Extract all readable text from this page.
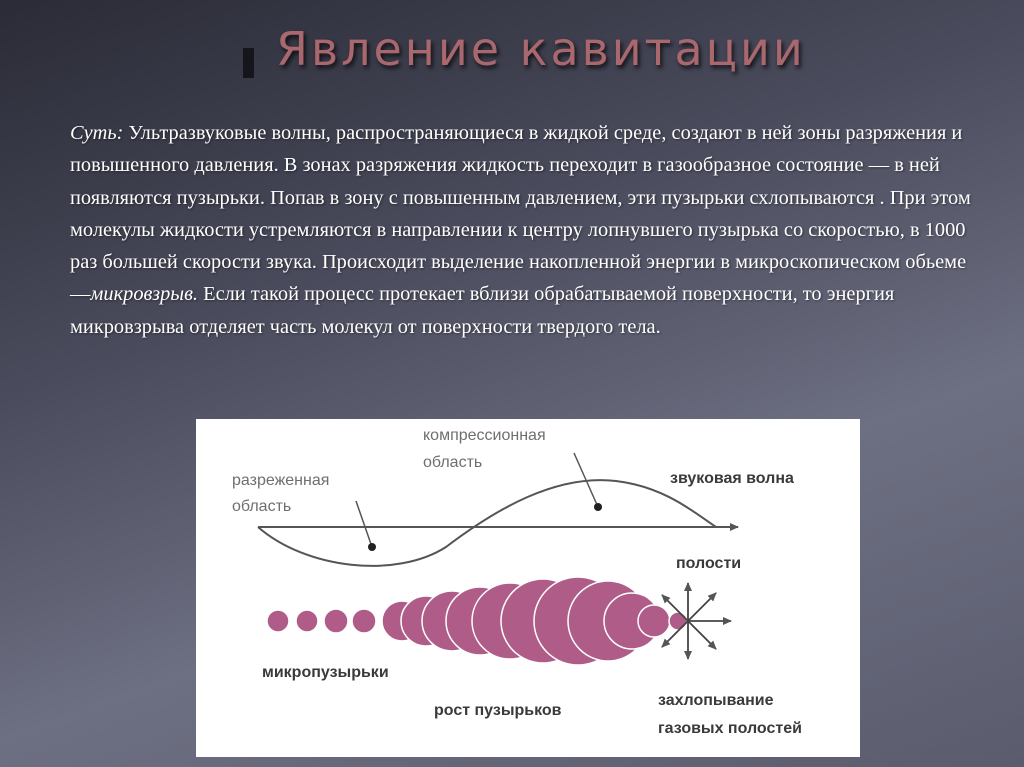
Явление кавитации

Суть: Ультразвуковые волны, распространяющиеся в жидкой среде, создают в ней зоны разряжения и повышенного давления. В зонах разряжения жидкость переходит в газообразное состояние — в ней появляются пузырьки. Попав в зону с повышенным давлением, эти пузырьки схлопываются . При этом молекулы жидкости устремляются в направлении к центру лопнувшего пузырька со скоростью, в 1000 раз большей скорости звука. Происходит выделение накопленной энергии в микроскопическом обьеме —микровзрыв. Если такой процесс протекает вблизи обрабатываемой поверхности, то энергия микровзрыва отделяет часть молекул от поверхности твердого тела.

разреженная
область
компрессионная
область
звуковая волна
полости
микропузырьки
рост пузырьков
захлопывание
газовых полостей
